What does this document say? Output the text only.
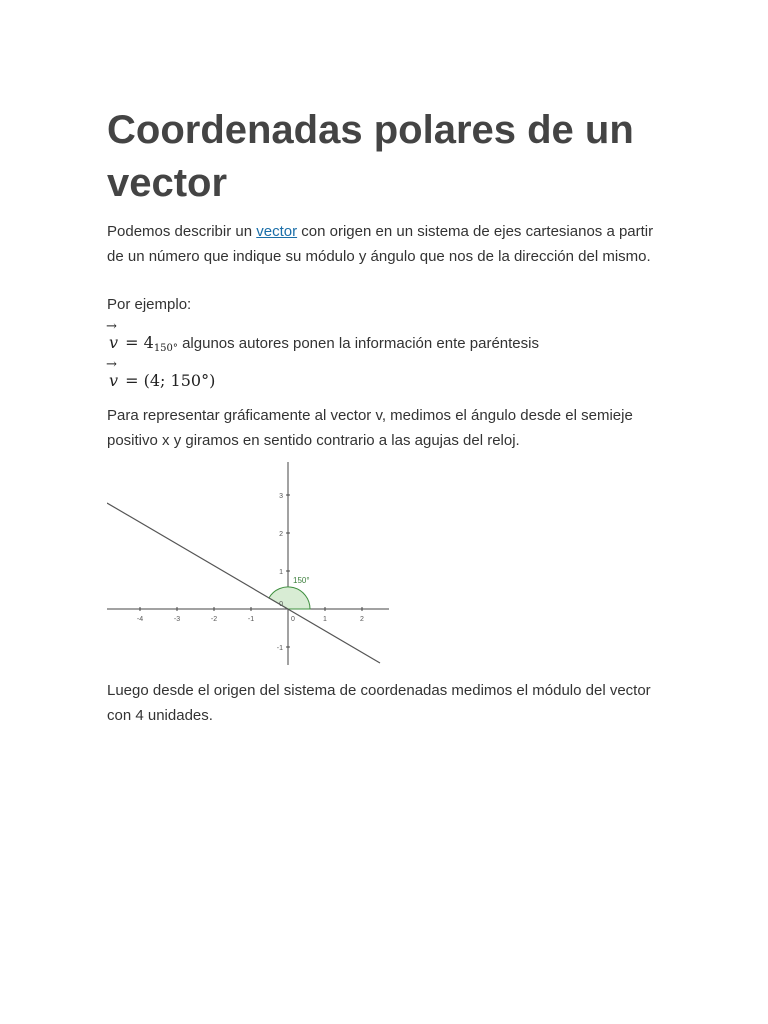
Coordenadas polares de un vector

Podemos describir un vector con origen en un sistema de ejes cartesianos a partir de un número que indique su módulo y ángulo que nos de la dirección del mismo.

Por ejemplo:

→
$v = 4_{150^\circ}$ algunos autores ponen la información ente paréntesis

→
v = (4; 150°)

Para representar gráficamente al vector v, medimos el ángulo desde el semieje positivo x y giramos en sentido contrario a las agujas del reloj.

Luego desde el origen del sistema de coordenadas medimos el módulo del vector con 4 unidades.

-4	-3	-2	-1	0	1	2
3
2
1
-1
0
150°
